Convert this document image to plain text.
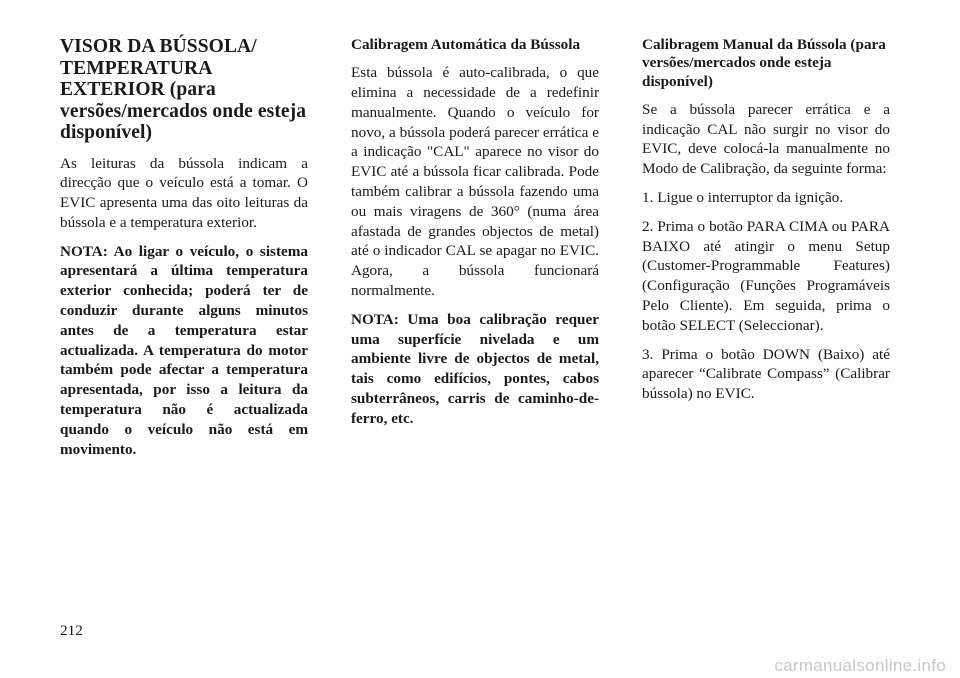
VISOR DA BÚSSOLA/ TEMPERATURA EXTERIOR (para versões/mercados onde esteja disponível)

As leituras da bússola indicam a direcção que o veículo está a tomar. O EVIC apresenta uma das oito leituras da bússola e a temperatura exterior.

NOTA: Ao ligar o veículo, o sistema apresentará a última temperatura exterior conhecida; poderá ter de conduzir durante alguns minutos antes de a temperatura estar actualizada. A temperatura do motor também pode afectar a temperatura apresentada, por isso a leitura da temperatura não é actualizada quando o veículo não está em movimento.

Calibragem Automática da Bússola

Esta bússola é auto-calibrada, o que elimina a necessidade de a redefinir manualmente. Quando o veículo for novo, a bússola poderá parecer errática e a indicação "CAL" aparece no visor do EVIC até a bússola ficar calibrada. Pode também calibrar a bússola fazendo uma ou mais viragens de 360° (numa área afastada de grandes objectos de metal) até o indicador CAL se apagar no EVIC. Agora, a bússola funcionará normalmente.

NOTA: Uma boa calibração requer uma superfície nivelada e um ambiente livre de objectos de metal, tais como edifícios, pontes, cabos subterrâneos, carris de caminho-de-ferro, etc.

Calibragem Manual da Bússola (para versões/mercados onde esteja disponível)

Se a bússola parecer errática e a indicação CAL não surgir no visor do EVIC, deve colocá-la manualmente no Modo de Calibração, da seguinte forma:

1. Ligue o interruptor da ignição.

2. Prima o botão PARA CIMA ou PARA BAIXO até atingir o menu Setup (Customer-Programmable Features) (Configuração (Funções Programáveis Pelo Cliente). Em seguida, prima o botão SELECT (Seleccionar).

3. Prima o botão DOWN (Baixo) até aparecer “Calibrate Compass” (Calibrar bússola) no EVIC.

212
carmanualsonline.info
